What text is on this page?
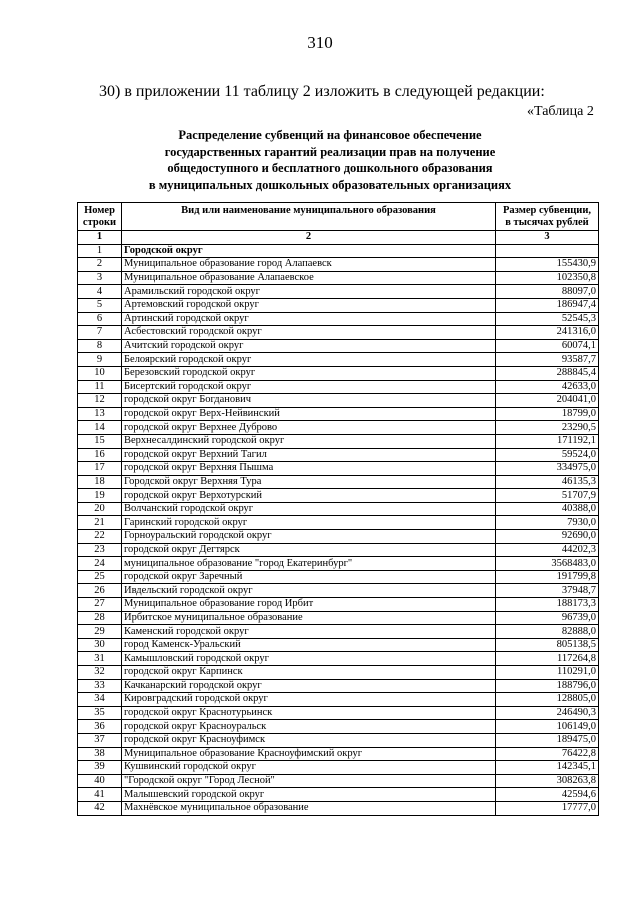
310
30) в приложении 11 таблицу 2 изложить в следующей редакции:
«Таблица 2
Распределение субвенций на финансовое обеспечение
государственных гарантий реализации прав на получение
общедоступного и бесплатного дошкольного образования
в муниципальных дошкольных образовательных организациях
Номер
строки	Вид или наименование муниципального образования	Размер субвенции,
в тысячах рублей
1	2	3
1	Городской округ	
2	Муниципальное образование город Алапаевск	155430,9
3	Муниципальное образование Алапаевское	102350,8
4	Арамильский городской округ	88097,0
5	Артемовский городской округ	186947,4
6	Артинский городской округ	52545,3
7	Асбестовский городской округ	241316,0
8	Ачитский городской округ	60074,1
9	Белоярский городской округ	93587,7
10	Березовский городской округ	288845,4
11	Бисертский городской округ	42633,0
12	городской округ Богданович	204041,0
13	городской округ Верх-Нейвинский	18799,0
14	городской округ Верхнее Дуброво	23290,5
15	Верхнесалдинский городской округ	171192,1
16	городской округ Верхний Тагил	59524,0
17	городской округ Верхняя Пышма	334975,0
18	Городской округ Верхняя Тура	46135,3
19	городской округ Верхотурский	51707,9
20	Волчанский городской округ	40388,0
21	Гаринский городской округ	7930,0
22	Горноуральский городской округ	92690,0
23	городской округ Дегтярск	44202,3
24	муниципальное образование "город Екатеринбург"	3568483,0
25	городской округ Заречный	191799,8
26	Ивдельский городской округ	37948,7
27	Муниципальное образование город Ирбит	188173,3
28	Ирбитское муниципальное образование	96739,0
29	Каменский городской округ	82888,0
30	город Каменск-Уральский	805138,5
31	Камышловский городской округ	117264,8
32	городской округ Карпинск	110291,0
33	Качканарский городской округ	188796,0
34	Кировградский городской округ	128805,0
35	городской округ Краснотурьинск	246490,3
36	городской округ Красноуральск	106149,0
37	городской округ Красноуфимск	189475,0
38	Муниципальное образование Красноуфимский округ	76422,8
39	Кушвинский городской округ	142345,1
40	"Городской округ "Город Лесной"	308263,8
41	Малышевский городской округ	42594,6
42	Махнёвское муниципальное образование	17777,0
